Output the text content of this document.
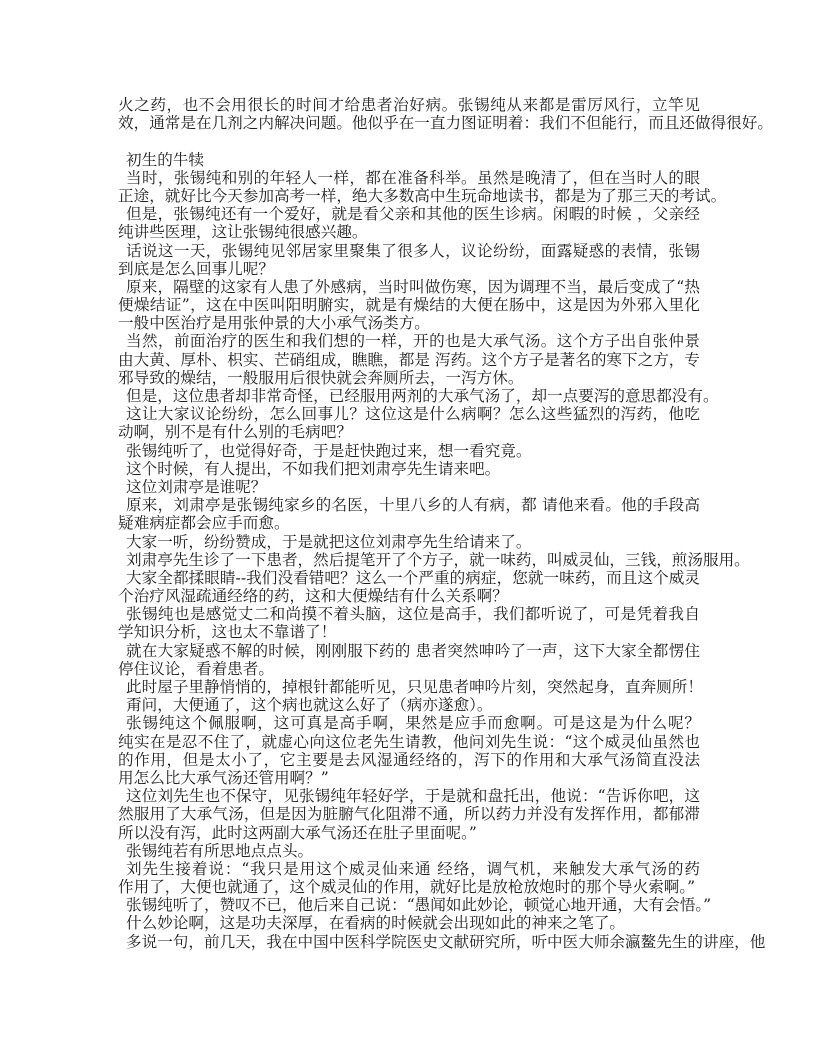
火之药，也不会用很长的时间才给患者治好病。张锡纯从来都是雷厉风行，立竿见
效，通常是在几剂之内解决问题。他似乎在一直力图证明着：我们不但能行，而且还做得很好。
初生的牛犊
当时，张锡纯和别的年轻人一样，都在准备科举。虽然是晚清了，但在当时人的眼
正途，就好比今天参加高考一样，绝大多数高中生玩命地读书，都是为了那三天的考试。
但是，张锡纯还有一个爱好，就是看父亲和其他的医生诊病。闲暇的时候 ，父亲经
纯讲些医理，这让张锡纯很感兴趣。
话说这一天，张锡纯见邻居家里聚集了很多人，议论纷纷，面露疑惑的表情，张锡
到底是怎么回事儿呢？
原来，隔壁的这家有人患了外感病，当时叫做伤寒，因为调理不当，最后变成了“热
便燥结证”，这在中医叫阳明腑实，就是有燥结的大便在肠中，这是因为外邪入里化
一般中医治疗是用张仲景的大小承气汤类方。
当然，前面治疗的医生和我们想的一样，开的也是大承气汤。这个方子出自张仲景
由大黄、厚朴、枳实、芒硝组成，瞧瞧，都是 泻药。这个方子是著名的寒下之方，专
邪导致的燥结，一般服用后很快就会奔厕所去，一泻方休。
但是，这位患者却非常奇怪，已经服用两剂的大承气汤了，却一点要泻的意思都没有。
这让大家议论纷纷，怎么回事儿？这位这是什么病啊？怎么这些猛烈的泻药，他吃
动啊，别不是有什么别的毛病吧？
张锡纯听了，也觉得好奇，于是赶快跑过来，想一看究竟。
这个时候，有人提出，不如我们把刘肃亭先生请来吧。
这位刘肃亭是谁呢？
原来，刘肃亭是张锡纯家乡的名医，十里八乡的人有病，都 请他来看。他的手段高
疑难病症都会应手而愈。
大家一听，纷纷赞成，于是就把这位刘肃亭先生给请来了。
刘肃亭先生诊了一下患者，然后提笔开了个方子，就一味药，叫威灵仙，三钱，煎汤服用。
大家全都揉眼睛--我们没看错吧？这么一个严重的病症，您就一味药，而且这个威灵
个治疗风湿疏通经络的药，这和大便燥结有什么关系啊？
张锡纯也是感觉丈二和尚摸不着头脑，这位是高手，我们都听说了，可是凭着我自
学知识分析，这也太不靠谱了！
就在大家疑惑不解的时候，刚刚服下药的 患者突然呻吟了一声，这下大家全都愣住
停住议论，看着患者。
此时屋子里静悄悄的，掉根针都能听见，只见患者呻吟片刻，突然起身，直奔厕所！
甭问，大便通了，这个病也就这么好了（病亦遂愈）。
张锡纯这个佩服啊，这可真是高手啊，果然是应手而愈啊。可是这是为什么呢？　
纯实在是忍不住了，就虚心向这位老先生请教，他问刘先生说：“这个威灵仙虽然也
的作用，但是太小了，它主要是去风湿通经络的，泻下的作用和大承气汤简直没法
用怎么比大承气汤还管用啊？”
这位刘先生也不保守，见张锡纯年轻好学，于是就和盘托出，他说：“告诉你吧，这
然服用了大承气汤，但是因为脏腑气化阻滞不通，所以药力并没有发挥作用，都郁滞
所以没有泻，此时这两副大承气汤还在肚子里面呢。”
张锡纯若有所思地点点头。
刘先生接着说：“我只是用这个威灵仙来通 经络，调气机，来触发大承气汤的药
作用了，大便也就通了，这个威灵仙的作用，就好比是放枪放炮时的那个导火索啊。”
张锡纯听了，赞叹不已，他后来自己说：“愚闻如此妙论，顿觉心地开通，大有会悟。”
什么妙论啊，这是功夫深厚，在看病的时候就会出现如此的神来之笔了。
多说一句，前几天，我在中国中医科学院医史文献研究所，听中医大师余瀛鳌先生的讲座，他
